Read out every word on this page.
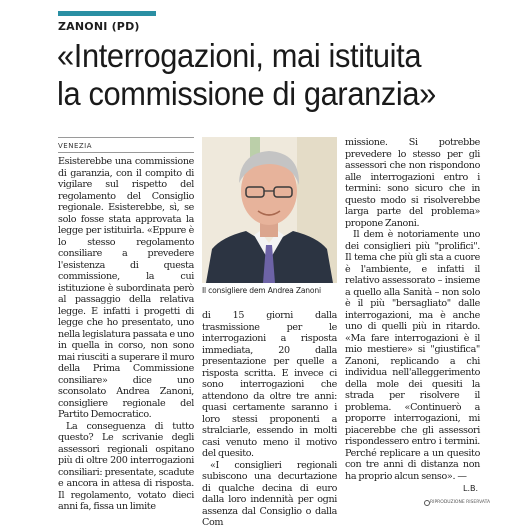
ZANONI (PD)
«Interrogazioni, mai istituita
la commissione di garanzia»
VENEZIA

Esisterebbe una commissione di garanzia, con il compito di vigilare sul rispetto del regolamento del Consiglio regionale. Esisterebbe, sì, se solo fosse stata approvata la legge per istituirla. «Eppure è lo stesso regolamento consiliare a prevedere l'esistenza di questa commissione, la cui istituzione è subordinata però al passaggio della relativa legge. E infatti i progetti di legge che ho presentato, uno nella legislatura passata e uno in quella in corso, non sono mai riusciti a superare il muro della Prima Commissione consiliare» dice uno sconsolato Andrea Zanoni, consigliere regionale del Partito Democratico.

La conseguenza di tutto questo? Le scrivanie degli assessori regionali ospitano più di oltre 200 interrogazioni consiliari: presentate, scadute e ancora in attesa di risposta. Il regolamento, votato dieci anni fa, fissa un limite

Il consigliere dem Andrea Zanoni

di 15 giorni dalla trasmissione per le interrogazioni a risposta immediata, 20 dalla presentazione per quelle a risposta scritta. E invece ci sono interrogazioni che attendono da oltre tre anni: quasi certamente saranno i loro stessi proponenti a stralciarle, essendo in molti casi venuto meno il motivo del quesito.

«I consiglieri regionali subiscono una decurtazione di qualche decina di euro dalla loro indennità per ogni assenza dal Consiglio o dalla Com

missione. Si potrebbe prevedere lo stesso per gli assessori che non rispondono alle interrogazioni entro i termini: sono sicuro che in questo modo si risolverebbe larga parte del problema» propone Zanoni.

Il dem è notoriamente uno dei consiglieri più "prolifici". Il tema che più gli sta a cuore è l'ambiente, e infatti il relativo assessorato – insieme a quello alla Sanità – non solo è il più "bersagliato" dalle interrogazioni, ma è anche uno di quelli più in ritardo. «Ma fare interrogazioni è il mio mestiere» si "giustifica" Zanoni, replicando a chi individua nell'alleggerimento della mole dei quesiti la strada per risolvere il problema. «Continuerò a proporre interrogazioni, mi piacerebbe che gli assessori rispondessero entro i termini. Perché replicare a un quesito con tre anni di distanza non ha proprio alcun senso». —

L.B.
RIPRODUZIONE RISERVATA
